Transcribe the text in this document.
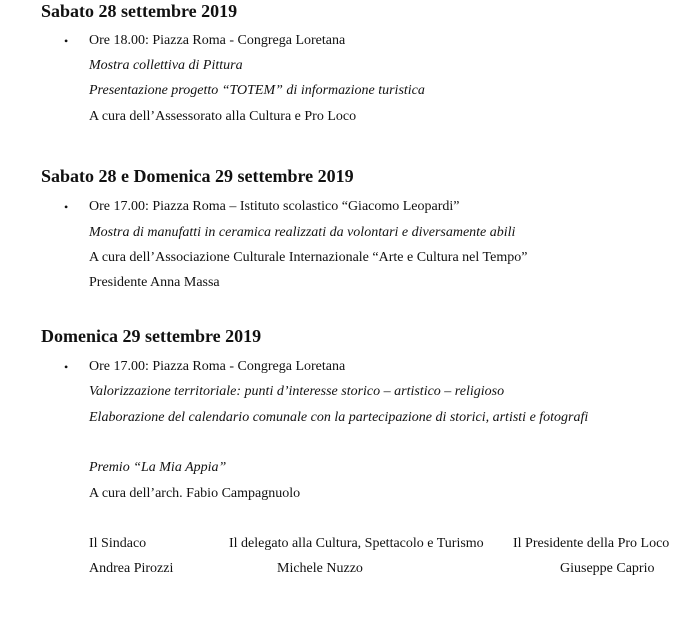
Sabato 28 settembre 2019
• Ore 18.00: Piazza Roma - Congrega Loretana
Mostra collettiva di Pittura
Presentazione progetto “TOTEM” di informazione turistica
A cura dell’Assessorato alla Cultura e Pro Loco
Sabato 28 e Domenica 29 settembre 2019
• Ore 17.00: Piazza Roma – Istituto scolastico “Giacomo Leopardi”
Mostra di manufatti in ceramica realizzati da volontari e diversamente abili
A cura dell’Associazione Culturale Internazionale “Arte e Cultura nel Tempo”
Presidente Anna Massa
Domenica 29 settembre 2019
• Ore 17.00: Piazza Roma - Congrega Loretana
Valorizzazione territoriale: punti d’interesse storico – artistico – religioso
Elaborazione del calendario comunale con la partecipazione di storici, artisti e fotografi
Premio “La Mia Appia”
A cura dell’arch. Fabio Campagnuolo
Il Sindaco
Andrea Pirozzi
Il delegato alla Cultura, Spettacolo e Turismo
Michele Nuzzo
Il Presidente della Pro Loco
Giuseppe Caprio
